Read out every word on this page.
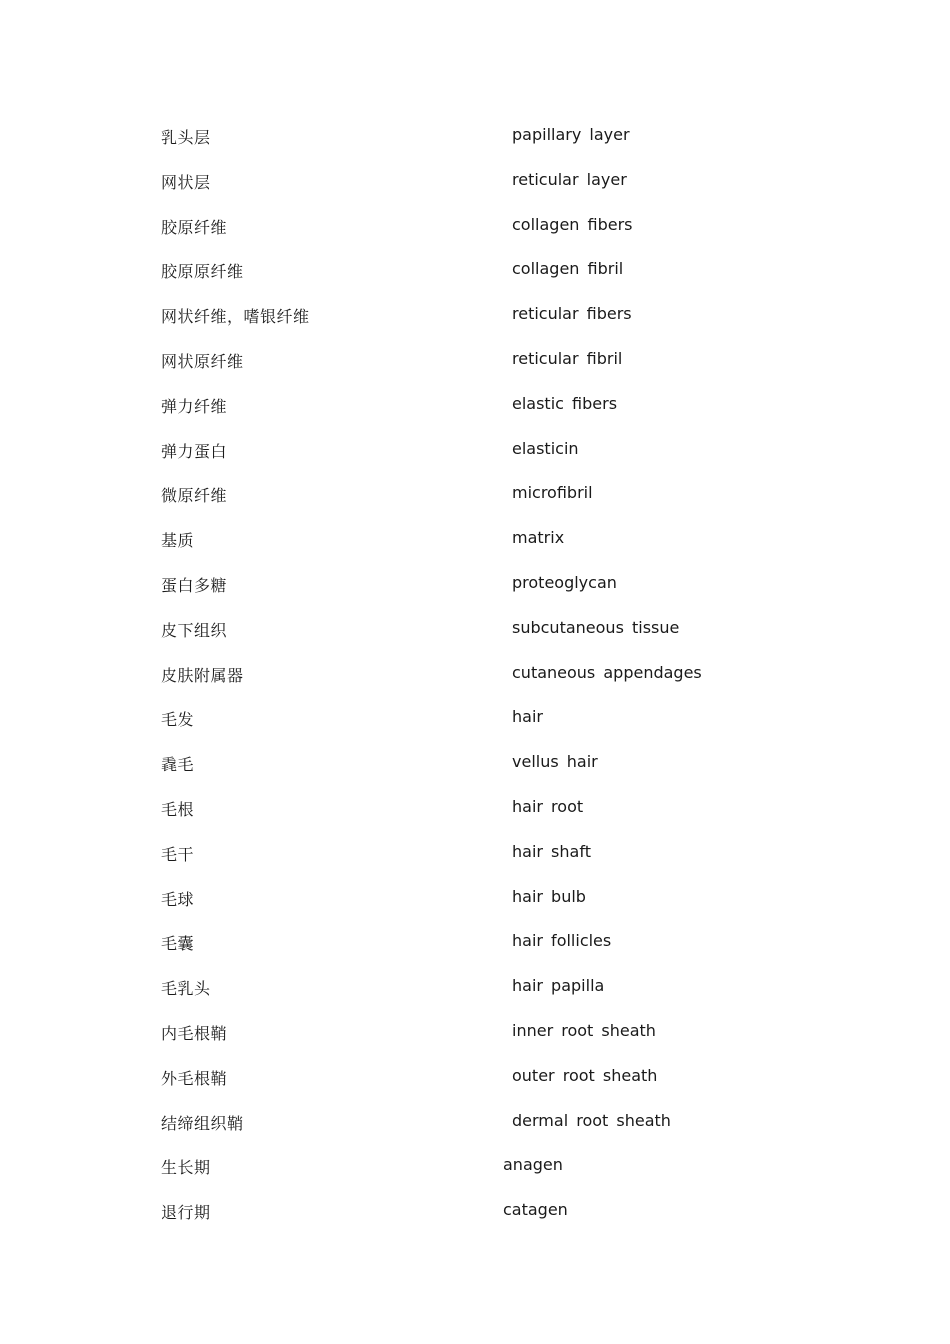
乳头层	papillary layer
网状层	reticular layer
胶原纤维	collagen fibers
胶原原纤维	collagen fibril
网状纤维，嗜银纤维	reticular fibers
网状原纤维	reticular fibril
弹力纤维	elastic fibers
弹力蛋白	elasticin
微原纤维	microfibril
基质	matrix
蛋白多糖	proteoglycan
皮下组织	subcutaneous tissue
皮肤附属器	cutaneous appendages
毛发	hair
毳毛	vellus hair
毛根	hair root
毛干	hair shaft
毛球	hair bulb
毛囊	hair follicles
毛乳头	hair papilla
内毛根鞘	inner root sheath
外毛根鞘	outer root sheath
结缔组织鞘	dermal root sheath
生长期	anagen
退行期	catagen
